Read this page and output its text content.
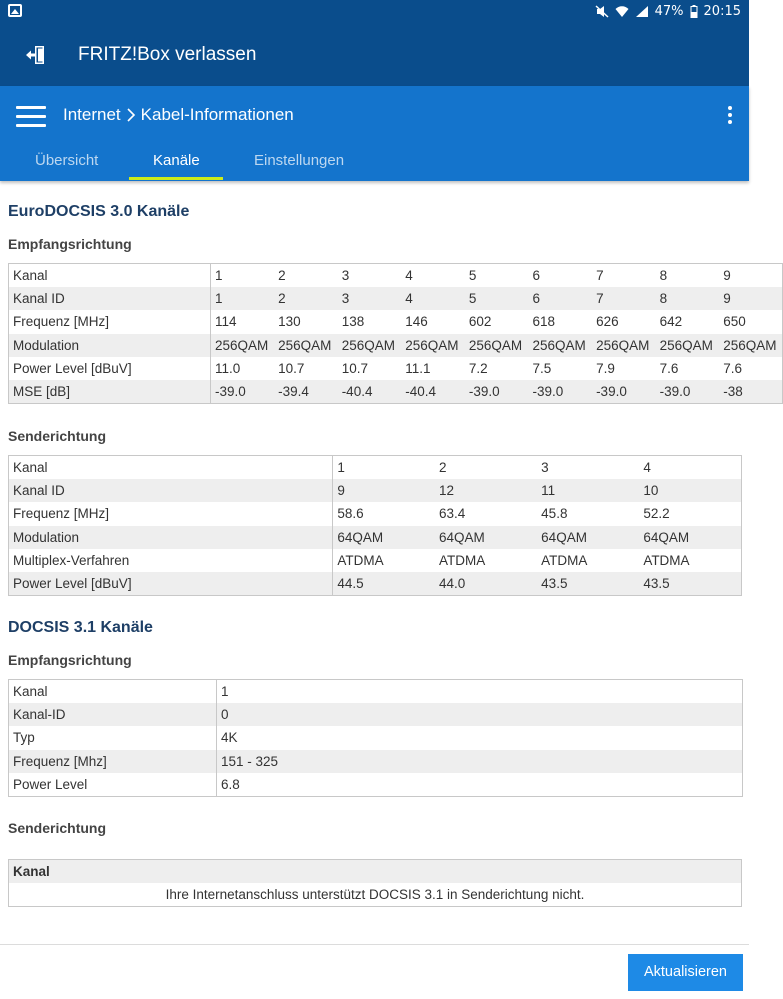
47% 20:15
FRITZ!Box verlassen
Internet Kabel-Informationen
Übersicht	Kanäle	Einstellungen
EuroDOCSIS 3.0 Kanäle
Empfangsrichtung
Kanal	1	2	3	4	5	6	7	8	9
Kanal ID	1	2	3	4	5	6	7	8	9
Frequenz [MHz]	114	130	138	146	602	618	626	642	650
Modulation	256QAM	256QAM	256QAM	256QAM	256QAM	256QAM	256QAM	256QAM	256QAM
Power Level [dBuV]	11.0	10.7	10.7	11.1	7.2	7.5	7.9	7.6	7.6
MSE [dB]	-39.0	-39.4	-40.4	-40.4	-39.0	-39.0	-39.0	-39.0	-38
Senderichtung
Kanal	1	2	3	4
Kanal ID	9	12	11	10
Frequenz [MHz]	58.6	63.4	45.8	52.2
Modulation	64QAM	64QAM	64QAM	64QAM
Multiplex-Verfahren	ATDMA	ATDMA	ATDMA	ATDMA
Power Level [dBuV]	44.5	44.0	43.5	43.5
DOCSIS 3.1 Kanäle
Empfangsrichtung
Kanal	1
Kanal-ID	0
Typ	4K
Frequenz [Mhz]	151 - 325
Power Level	6.8
Senderichtung
Kanal
Ihre Internetanschluss unterstützt DOCSIS 3.1 in Senderichtung nicht.
Aktualisieren
